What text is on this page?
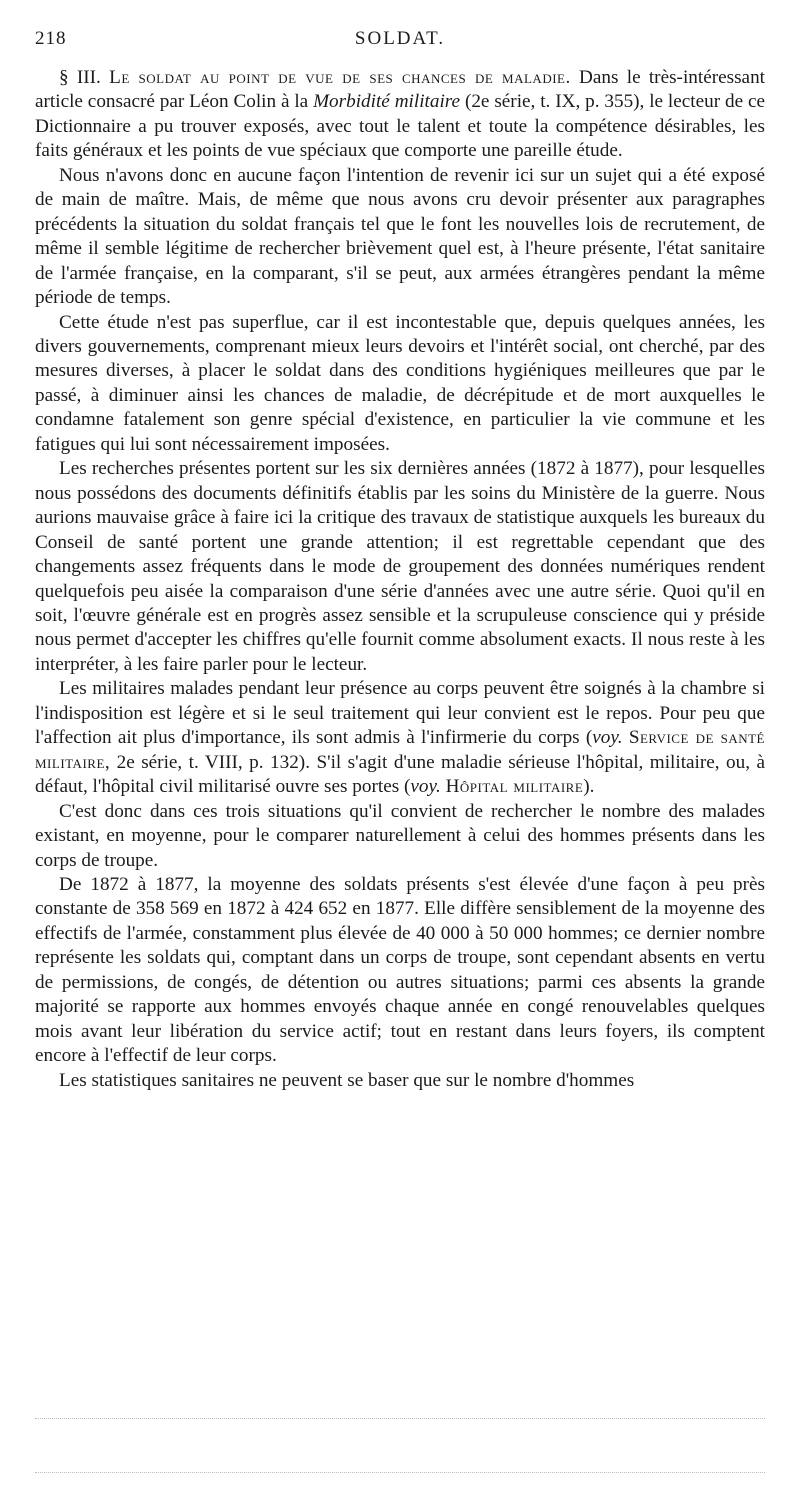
218	SOLDAT.

§ III. Le soldat au point de vue de ses chances de maladie. Dans le très-intéressant article consacré par Léon Colin à la Morbidité militaire (2e série, t. IX, p. 355), le lecteur de ce Dictionnaire a pu trouver exposés, avec tout le talent et toute la compétence désirables, les faits généraux et les points de vue spéciaux que comporte une pareille étude.

Nous n'avons donc en aucune façon l'intention de revenir ici sur un sujet qui a été exposé de main de maître. Mais, de même que nous avons cru devoir présenter aux paragraphes précédents la situation du soldat français tel que le font les nouvelles lois de recrutement, de même il semble légitime de rechercher brièvement quel est, à l'heure présente, l'état sanitaire de l'armée française, en la comparant, s'il se peut, aux armées étrangères pendant la même période de temps.

Cette étude n'est pas superflue, car il est incontestable que, depuis quelques années, les divers gouvernements, comprenant mieux leurs devoirs et l'intérêt social, ont cherché, par des mesures diverses, à placer le soldat dans des conditions hygiéniques meilleures que par le passé, à diminuer ainsi les chances de maladie, de décrépitude et de mort auxquelles le condamne fatalement son genre spécial d'existence, en particulier la vie commune et les fatigues qui lui sont nécessairement imposées.

Les recherches présentes portent sur les six dernières années (1872 à 1877), pour lesquelles nous possédons des documents définitifs établis par les soins du Ministère de la guerre. Nous aurions mauvaise grâce à faire ici la critique des travaux de statistique auxquels les bureaux du Conseil de santé portent une grande attention; il est regrettable cependant que des changements assez fréquents dans le mode de groupement des données numériques rendent quelquefois peu aisée la comparaison d'une série d'années avec une autre série. Quoi qu'il en soit, l'œuvre générale est en progrès assez sensible et la scrupuleuse conscience qui y préside nous permet d'accepter les chiffres qu'elle fournit comme absolument exacts. Il nous reste à les interpréter, à les faire parler pour le lecteur.

Les militaires malades pendant leur présence au corps peuvent être soignés à la chambre si l'indisposition est légère et si le seul traitement qui leur convient est le repos. Pour peu que l'affection ait plus d'importance, ils sont admis à l'infirmerie du corps (voy. Service de santé militaire, 2e série, t. VIII, p. 132). S'il s'agit d'une maladie sérieuse l'hôpital, militaire, ou, à défaut, l'hôpital civil militarisé ouvre ses portes (voy. Hôpital militaire).

C'est donc dans ces trois situations qu'il convient de rechercher le nombre des malades existant, en moyenne, pour le comparer naturellement à celui des hommes présents dans les corps de troupe.

De 1872 à 1877, la moyenne des soldats présents s'est élevée d'une façon à peu près constante de 358 569 en 1872 à 424 652 en 1877. Elle diffère sensiblement de la moyenne des effectifs de l'armée, constamment plus élevée de 40 000 à 50 000 hommes; ce dernier nombre représente les soldats qui, comptant dans un corps de troupe, sont cependant absents en vertu de permissions, de congés, de détention ou autres situations; parmi ces absents la grande majorité se rapporte aux hommes envoyés chaque année en congé renouvelables quelques mois avant leur libération du service actif; tout en restant dans leurs foyers, ils comptent encore à l'effectif de leur corps.

Les statistiques sanitaires ne peuvent se baser que sur le nombre d'hommes
